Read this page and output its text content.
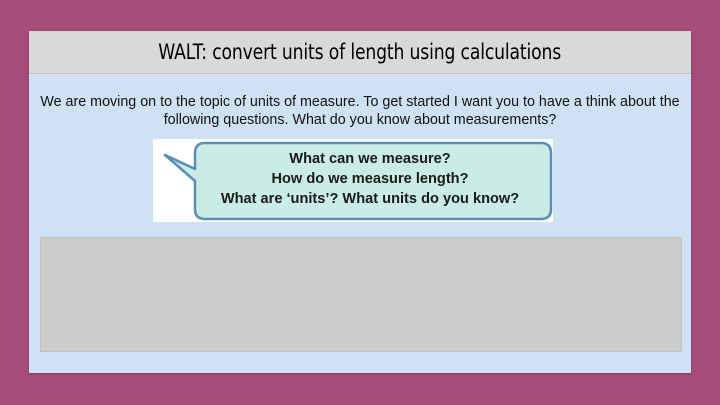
WALT: convert units of length using calculations
We are moving on to the topic of units of measure. To get started I want you to have a think about the following questions. What do you know about measurements?
What can we measure?
How do we measure length?
What are ‘units’? What units do you know?
